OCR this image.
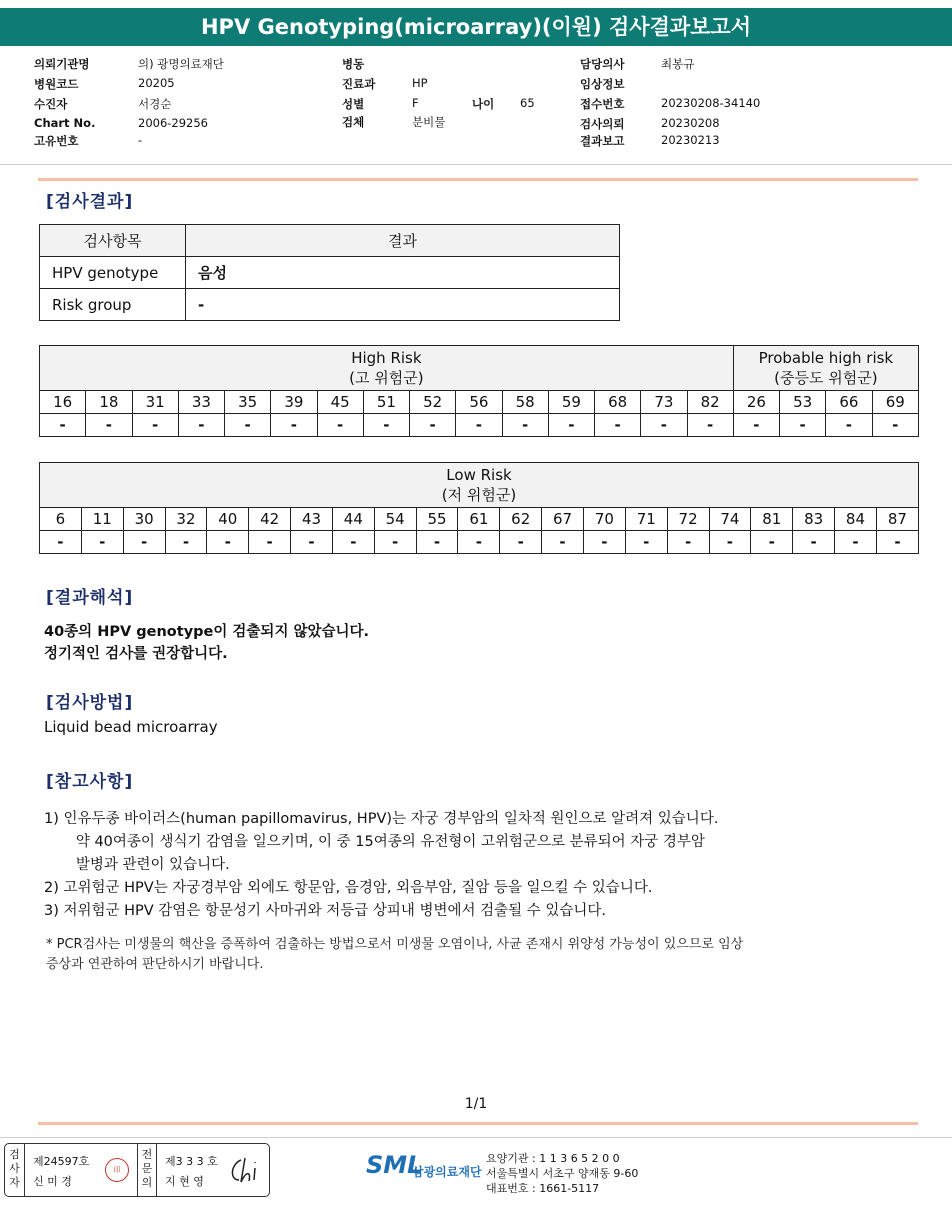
HPV Genotyping(microarray)(이원) 검사결과보고서
의뢰기관명	의) 광명의료재단
병원코드	20205
수진자	서경순
Chart No.	2006-29256
고유번호	-
병동
진료과	HP
성별	F	나이 65
검체	분비물
담당의사	최봉규
임상정보
접수번호	20230208-34140
검사의뢰	20230208
결과보고	20230213
[검사결과]
검사항목	결과
HPV genotype	음성
Risk group	-
High Risk
(고 위험군)															Probable high risk
(중등도 위험군)			
16	18	31	33	35	39	45	51	52	56	58	59	68	73	82	26	53	66	69
-	-	-	-	-	-	-	-	-	-	-	-	-	-	-	-	-	-	-
Low Risk
(저 위험군)																				
6	11	30	32	40	42	43	44	54	55	61	62	67	70	71	72	74	81	83	84	87
-	-	-	-	-	-	-	-	-	-	-	-	-	-	-	-	-	-	-	-	-
[결과해석]
40종의 HPV genotype이 검출되지 않았습니다.
정기적인 검사를 권장합니다.
[검사방법]
Liquid bead microarray
[참고사항]
1) 인유두종 바이러스(human papillomavirus, HPV)는 자궁 경부암의 일차적 원인으로 알려져 있습니다.
약 40여종이 생식기 감염을 일으키며, 이 중 15여종의 유전형이 고위험군으로 분류되어 자궁 경부암
발병과 관련이 있습니다.
2) 고위험군 HPV는 자궁경부암 외에도 항문암, 음경암, 외음부암, 질암 등을 일으킬 수 있습니다.
3) 저위험군 HPV 감염은 항문성기 사마귀와 저등급 상피내 병변에서 검출될 수 있습니다.
* PCR검사는 미생물의 핵산을 증폭하여 검출하는 방법으로서 미생물 오염이나, 사균 존재시 위양성 가능성이 있으므로 임상
증상과 연관하여 판단하시기 바랍니다.
1/1
검
사
자
제24597호
신 미 경
印
전
문
의
제3 3 3 호
지 현 영
SML
삼광의료재단
요양기관 : 1 1 3 6 5 2 0 0
서울특별시 서초구 양재동 9-60
대표번호 : 1661-5117
